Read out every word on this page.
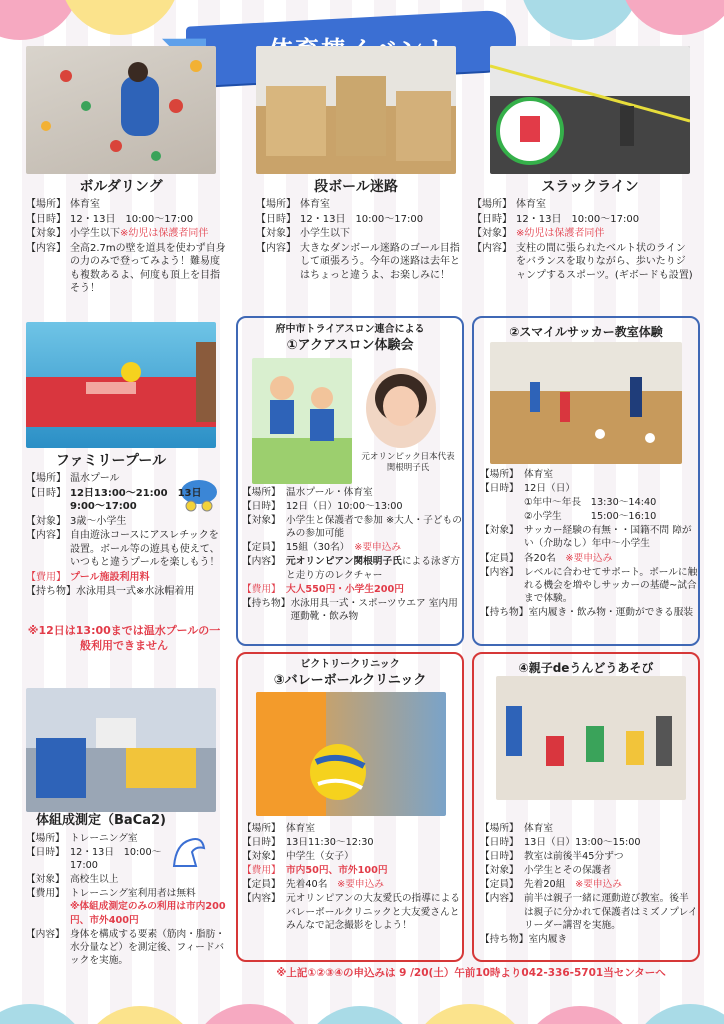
ボルダリング
【場所】 体育室
【日時】 12・13日　10:00～17:00
【対象】 小学生以下※幼児は保護者同伴
【内容】 全高2.7mの壁を道具を使わず自身の力のみで登ってみよう！難易度も複数あるよ、何度も頂上を目指そう！
段ボール迷路
【場所】 体育室
【日時】 12・13日　10:00～17:00
【対象】 小学生以下
【内容】 大きなダンボール迷路のゴール目指して頑張ろう。今年の迷路は去年とはちょっと違うよ、お楽しみに！
スラックライン
【場所】 体育室
【日時】 12・13日　10:00～17:00
【対象】 ※幼児は保護者同伴
【内容】 支柱の間に張られたベルト状のラインをバランスを取りながら、歩いたりジャンプするスポーツ。(ギボードも設置)
ファミリープール
【場所】 温水プール
【日時】 12日13:00～21:00　13日 9:00～17:00
【対象】 3歳～小学生
【内容】 自由遊泳コースにアスレチックを設置。ボール等の遊具も使えて、いつもと違うプールを楽しもう！
【費用】 プール施設利用料
【持ち物】 水泳用具一式※水泳帽着用
※12日は13:00までは温水プールの一般利用できません
府中市トライアスロン連合による
①アクアスロン体験会
元オリンピック日本代表
関根明子氏
【場所】 温水プール・体育室
【日時】 12日（日）10:00～13:00
【対象】 小学生と保護者で参加 ※大人・子どものみの参加可能
【定員】 15組（30名）　 ※要申込み
【内容】 元オリンピアン関根明子氏による泳ぎ方と走り方のレクチャー
【費用】 大人550円・小学生200円
【持ち物】 水泳用具一式・スポーツウエア 室内用運動靴・飲み物
②スマイルサッカー教室体験
【場所】 体育室
【日時】 12日（日）
①年中～年長　13:30～14:40
②小学生　　　15:00～16:10
【対象】 サッカー経験の有無・・国籍不問 障がい（介助なし）年中～小学生
【定員】 各20名　 ※要申込み
【内容】 レベルに合わせてサポート。ボールに触れる機会を増やしサッカーの基礎~試合まで体験。
【持ち物】 室内履き・飲み物・運動ができる服装
体組成測定（BaCa2)
【場所】 トレーニング室
【日時】 12・13日　10:00～17:00
【対象】 高校生以上
【費用】 トレーニング室利用者は無料
※体組成測定のみの利用は市内200円、市外400円
【内容】 身体を構成する要素（筋肉・脂肪・水分量など）を測定後、フィードバックを実施。
ビクトリークリニック
③バレーボールクリニック
【場所】 体育室
【日時】 13日11:30～12:30
【対象】 中学生（女子）
【費用】 市内50円、市外100円
【定員】 先着40名　 ※要申込み
【内容】 元オリンピアンの大友愛氏の指導によるバレーボールクリニックと大友愛さんとみんなで記念撮影をしよう！
④親子deうんどうあそび
【場所】 体育室
【日時】 13日（日）13:00～15:00
【日時】 教室は前後半45分ずつ
【対象】 小学生とその保護者
【定員】 先着20組　 ※要申込み
【内容】 前半は親子一緒に運動遊び教室。後半は親子に分かれて保護者はミズノプレイリーダー講習を実施。
【持ち物】 室内履き
※上記①②③④の申込みは 9 /20(土）午前10時より042-336-5701当センターへ
